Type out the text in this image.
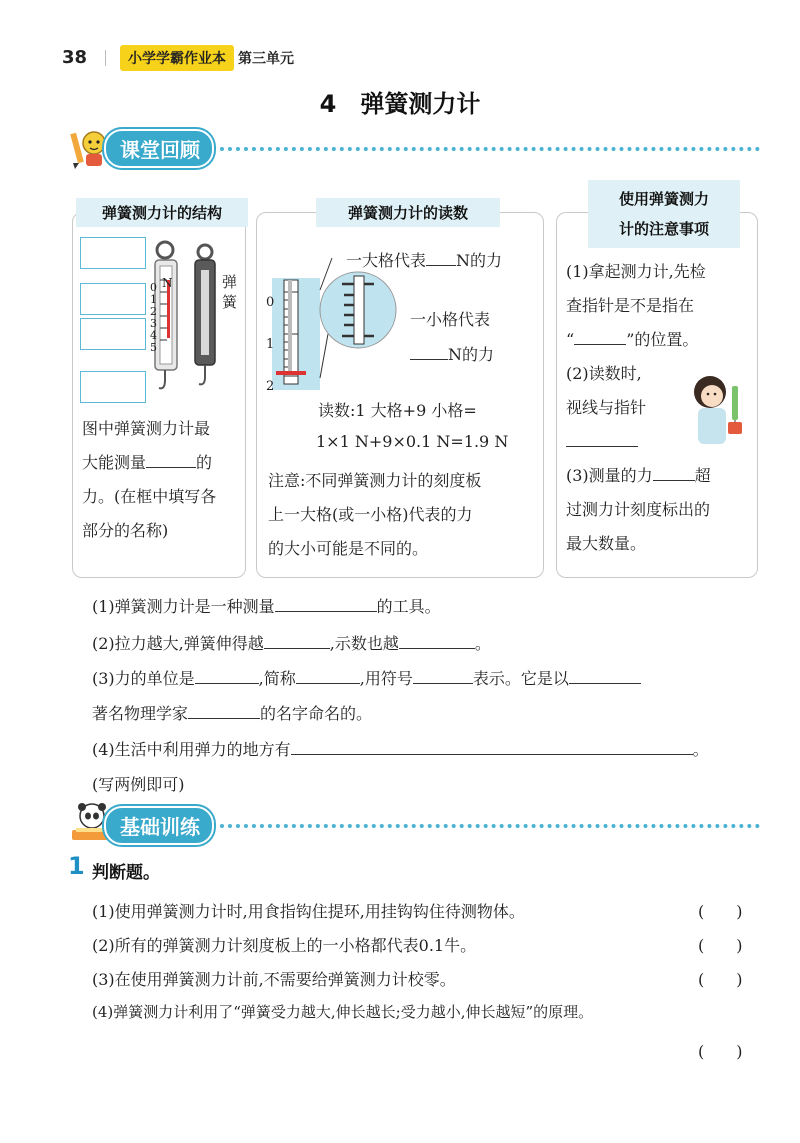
38	小学学霸作业本 第三单元
4　弹簧测力计
课堂回顾
弹簧测力计的结构
N
0
1
2
3
4
5
弹簧
图中弹簧测力计最
大能测量	的
力。(在框中填写各
部分的名称)
弹簧测力计的读数
0
1
2
一大格代表 N的力
一小格代表
N的力
读数:1 大格+9 小格=
1×1 N+9×0.1 N=1.9 N
注意:不同弹簧测力计的刻度板
上一大格(或一小格)代表的力
的大小可能是不同的。
使用弹簧测力
计的注意事项
(1)拿起测力计,先检
查指针是不是指在
“	”的位置。
(2)读数时,
视线与指针
(3)测量的力	超
过测力计刻度标出的
最大数量。
(1)弹簧测力计是一种测量	的工具。
(2)拉力越大,弹簧伸得越	,示数也越	。
(3)力的单位是	,简称	,用符号	表示。它是以
著名物理学家	的名字命名的。
(4)生活中利用弹力的地方有	。
(写两例即可)
基础训练
1 判断题。
(1)使用弹簧测力计时,用食指钩住提环,用挂钩钩住待测物体。	(　　)
(2)所有的弹簧测力计刻度板上的一小格都代表0.1牛。	(　　)
(3)在使用弹簧测力计前,不需要给弹簧测力计校零。	(　　)
(4)弹簧测力计利用了“弹簧受力越大,伸长越长;受力越小,伸长越短”的原理。
(　　)
